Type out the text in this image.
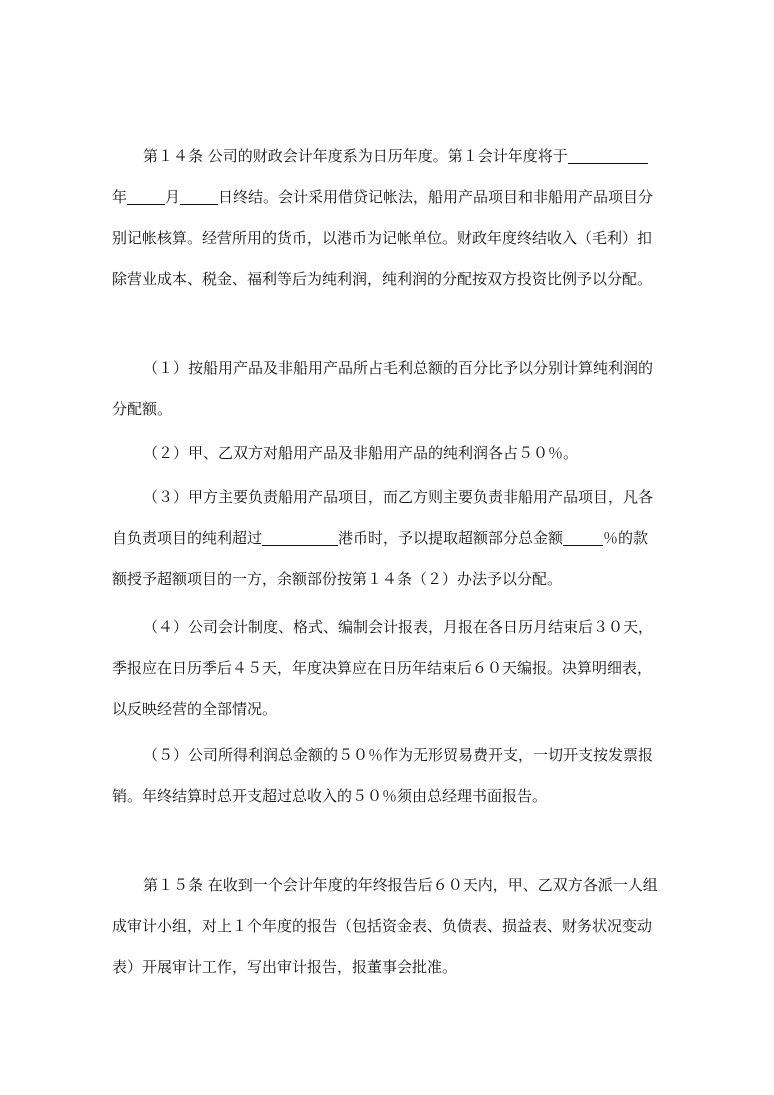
第１４条 公司的财政会计年度系为日历年度。第１会计年度将于
年	月	日终结。会计采用借贷记帐法，船用产品项目和非船用产品项目分
别记帐核算。经营所用的货币，以港币为记帐单位。财政年度终结收入（毛利）扣
除营业成本、税金、福利等后为纯利润，纯利润的分配按双方投资比例予以分配。
（１）按船用产品及非船用产品所占毛利总额的百分比予以分别计算纯利润的
分配额。
（２）甲、乙双方对船用产品及非船用产品的纯利润各占５０％。
（３）甲方主要负责船用产品项目，而乙方则主要负责非船用产品项目，凡各
自负责项目的纯利超过	港币时，予以提取超额部分总金额	％的款
额授予超额项目的一方，余额部份按第１４条（２）办法予以分配。
（４）公司会计制度、格式、编制会计报表，月报在各日历月结束后３０天，
季报应在日历季后４５天，年度决算应在日历年结束后６０天编报。决算明细表，
以反映经营的全部情况。
（５）公司所得利润总金额的５０％作为无形贸易费开支，一切开支按发票报
销。年终结算时总开支超过总收入的５０％须由总经理书面报告。
第１５条 在收到一个会计年度的年终报告后６０天内，甲、乙双方各派一人组
成审计小组，对上１个年度的报告（包括资金表、负债表、损益表、财务状况变动
表）开展审计工作，写出审计报告，报董事会批准。
